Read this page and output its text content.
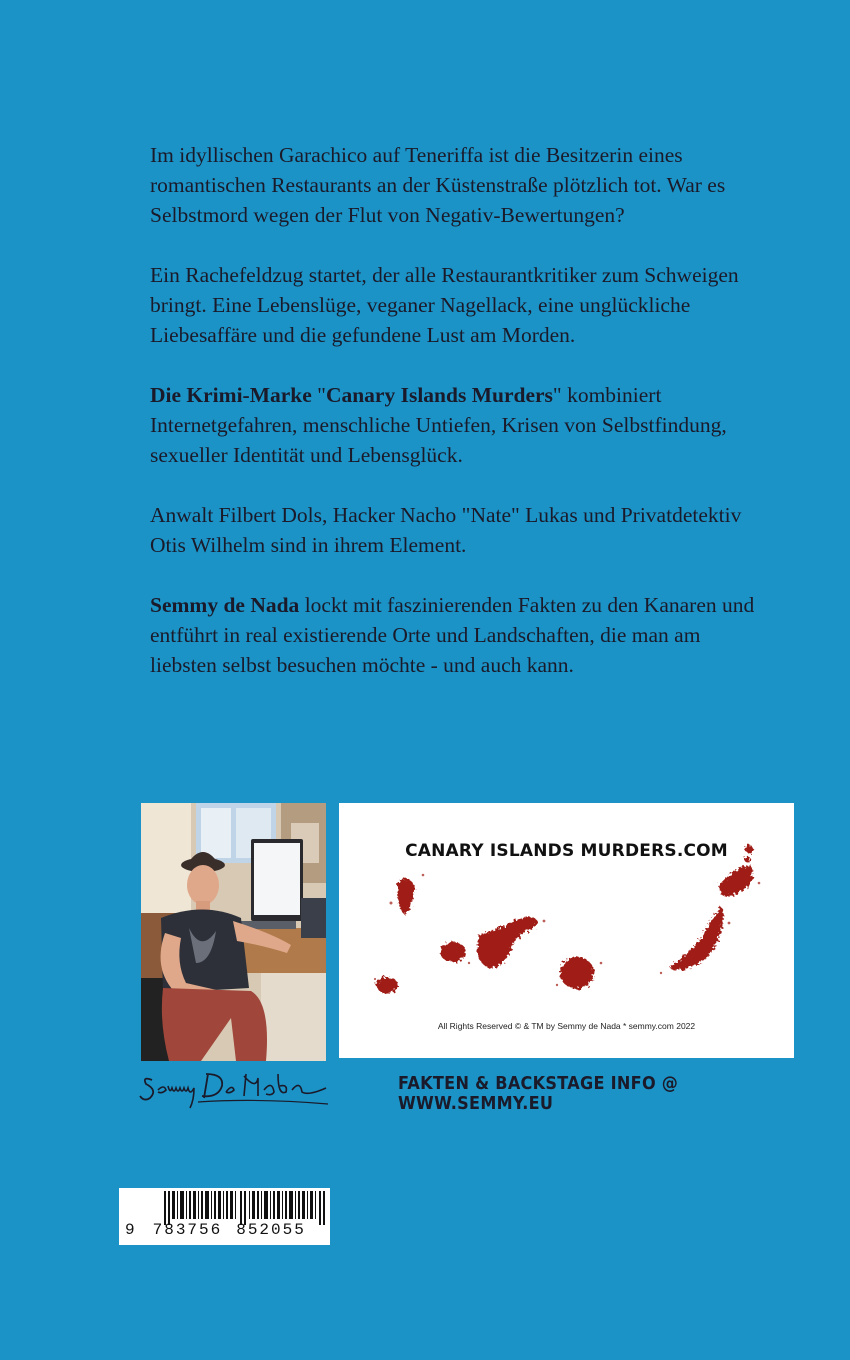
Im idyllischen Garachico auf Teneriffa ist die Besitzerin eines romantischen Restaurants an der Küstenstraße plötzlich tot. War es Selbstmord wegen der Flut von Negativ-Bewertungen?

Ein Rachefeldzug startet, der alle Restaurantkritiker zum Schweigen bringt. Eine Lebenslüge, veganer Nagellack, eine unglückliche Liebesaffäre und die gefundene Lust am Morden.

Die Krimi-Marke "Canary Islands Murders" kombiniert Internetgefahren, menschliche Untiefen, Krisen von Selbstfindung, sexueller Identität und Lebensglück.

Anwalt Filbert Dols, Hacker Nacho "Nate" Lukas und Privatdetektiv Otis Wilhelm sind in ihrem Element.

Semmy de Nada lockt mit faszinierenden Fakten zu den Kanaren und entführt in real existierende Orte und Landschaften, die man am liebsten selbst besuchen möchte - und auch kann.

CANARY ISLANDS MURDERS.COM
All Rights Reserved © & TM by Semmy de Nada * semmy.com 2022
FAKTEN & BACKSTAGE INFO @ WWW.SEMMY.EU
9 783756 852055
